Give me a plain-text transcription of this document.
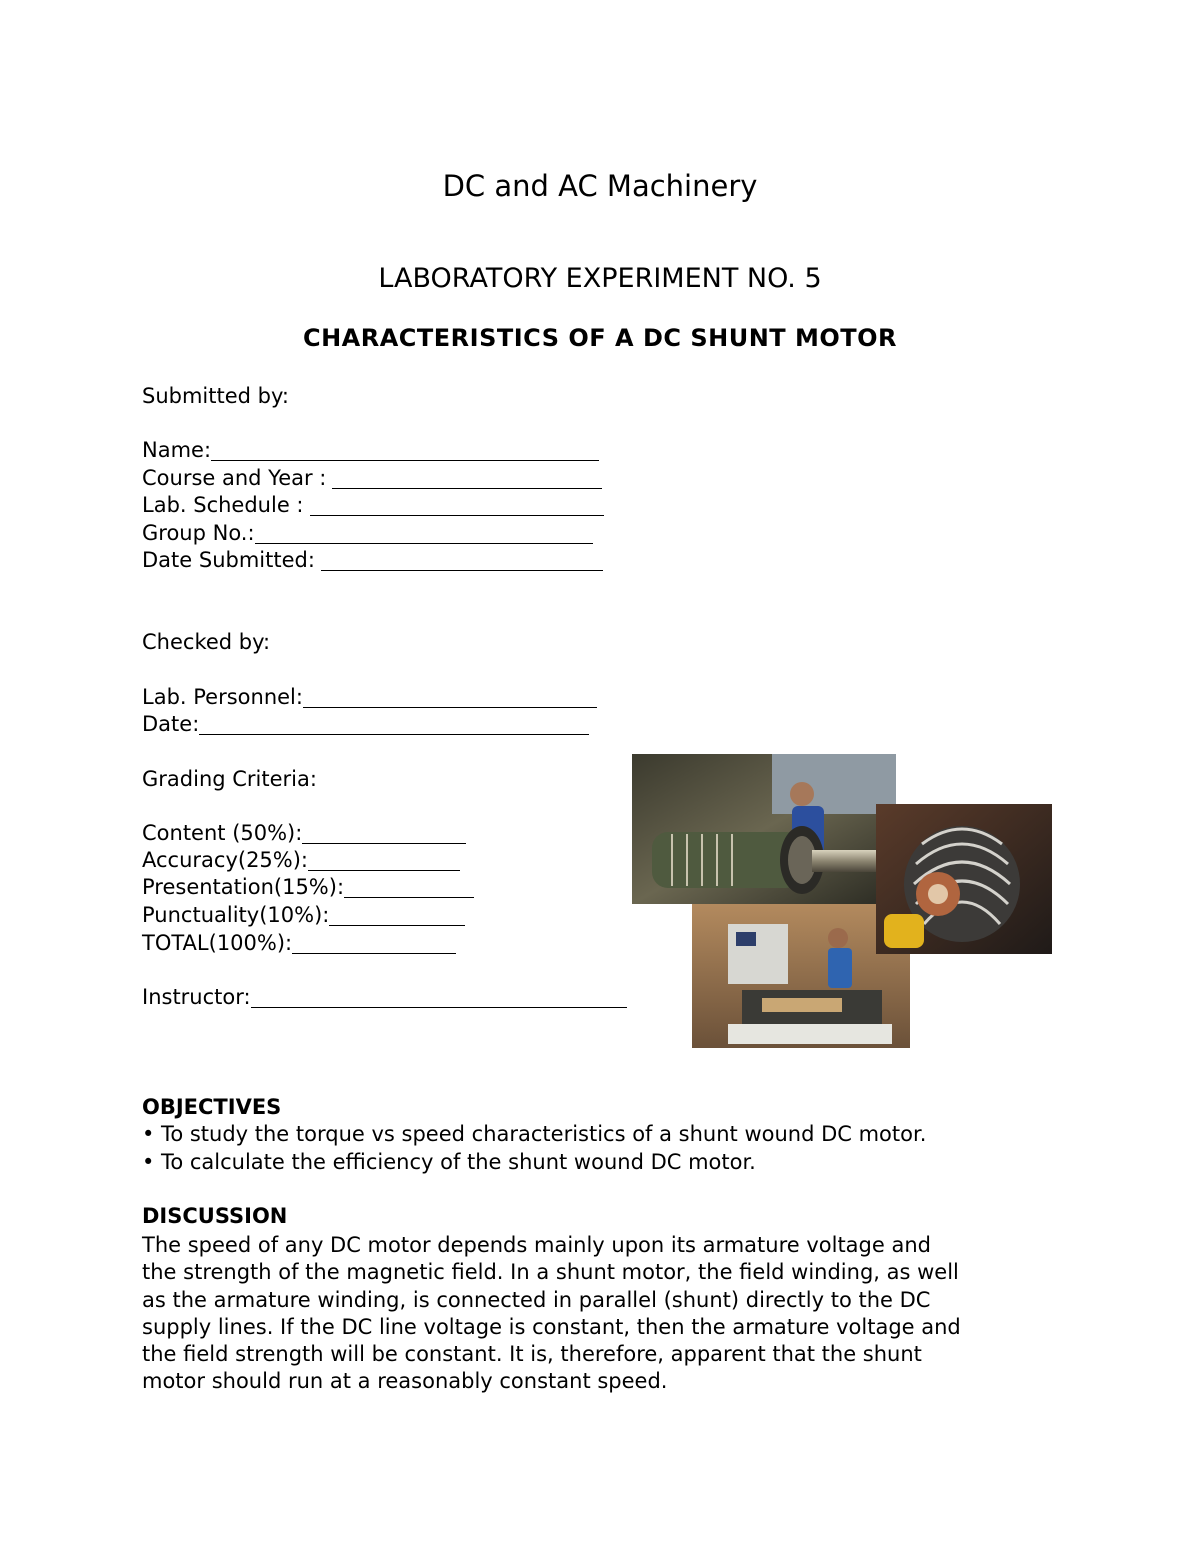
DC and AC Machinery
LABORATORY EXPERIMENT NO. 5
CHARACTERISTICS OF A DC SHUNT MOTOR
Submitted by:
Name:
Course and Year :
Lab. Schedule :
Group No.:
Date Submitted:
Checked by:
Lab. Personnel:
Date:
Grading Criteria:
Content (50%):
Accuracy(25%):
Presentation(15%):
Punctuality(10%):
TOTAL(100%):
Instructor:
OBJECTIVES
• To study the torque vs speed characteristics of a shunt wound DC motor.
• To calculate the efficiency of the shunt wound DC motor.
DISCUSSION
The speed of any DC motor depends mainly upon its armature voltage and
the strength of the magnetic field. In a shunt motor, the field winding, as well
as the armature winding, is connected in parallel (shunt) directly to the DC
supply lines. If the DC line voltage is constant, then the armature voltage and
the field strength will be constant. It is, therefore, apparent that the shunt
motor should run at a reasonably constant speed.
